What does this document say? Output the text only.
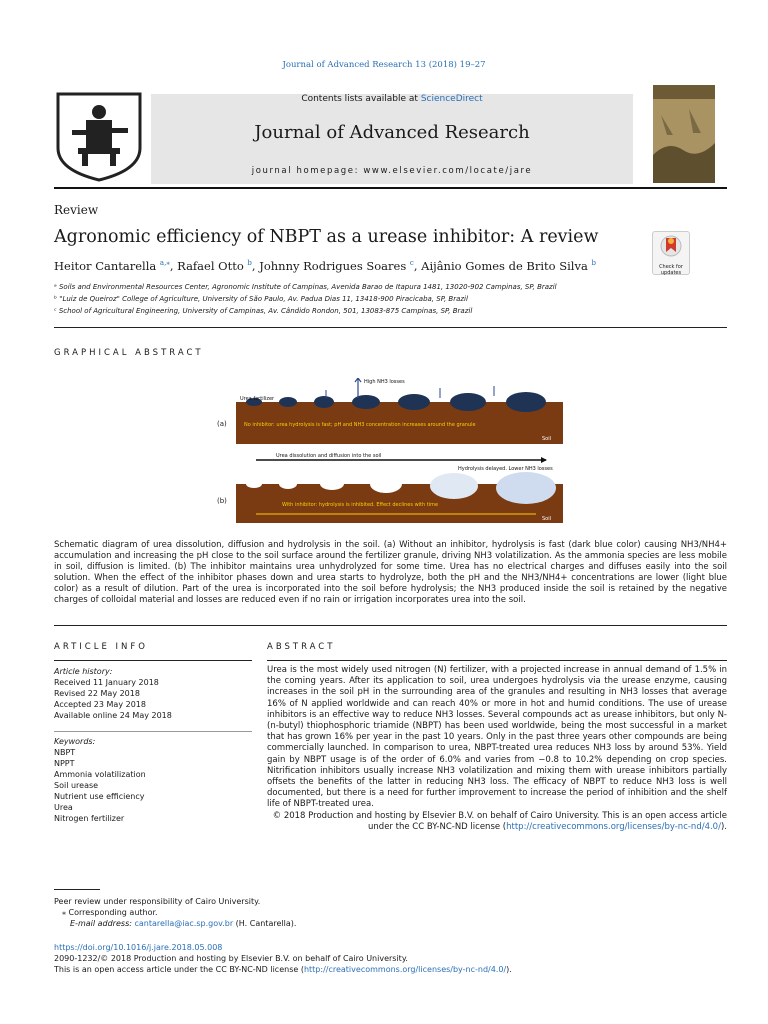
Journal of Advanced Research 13 (2018) 19–27
Contents lists available at ScienceDirect
Journal of Advanced Research
journal homepage: www.elsevier.com/locate/jare
Review
Agronomic efficiency of NBPT as a urease inhibitor: A review
Check for updates
Heitor Cantarella $^{a,⁎}$, Rafael Otto $^b$, Johnny Rodrigues Soares $^c$, Aijânio Gomes de Brito Silva $^b$
ᵃ Soils and Environmental Resources Center, Agronomic Institute of Campinas, Avenida Barao de Itapura 1481, 13020-902 Campinas, SP, Brazil
ᵇ "Luiz de Queiroz" College of Agriculture, University of São Paulo, Av. Padua Dias 11, 13418-900 Piracicaba, SP, Brazil
ᶜ School of Agricultural Engineering, University of Campinas, Av. Cândido Rondon, 501, 13083-875 Campinas, SP, Brazil
GRAPHICAL ABSTRACT
Urea fertilizer
High NH3 losses
No inhibitor: urea hydrolysis is fast; pH and NH3 concentration increases around the granule
Soil
Urea dissolution and diffusion into the soil
Hydrolysis delayed. Lower NH3 losses
With inhibitor: hydrolysis is inhibited. Effect declines with time
Soil
(a)
(b)
Schematic diagram of urea dissolution, diffusion and hydrolysis in the soil. (a) Without an inhibitor, hydrolysis is fast (dark blue color) causing NH3/NH4+ accumulation and increasing the pH close to the soil surface around the fertilizer granule, driving NH3 volatilization. As the ammonia species are less mobile in soil, diffusion is limited. (b) The inhibitor maintains urea unhydrolyzed for some time. Urea has no electrical charges and diffuses easily into the soil solution. When the effect of the inhibitor phases down and urea starts to hydrolyze, both the pH and the NH3/NH4+ concentrations are lower (light blue color) as a result of dilution. Part of the urea is incorporated into the soil before hydrolysis; the NH3 produced inside the soil is retained by the negative charges of colloidal material and losses are reduced even if no rain or irrigation incorporates urea into the soil.
ARTICLE INFO
Article history:
Received 11 January 2018
Revised 22 May 2018
Accepted 23 May 2018
Available online 24 May 2018
Keywords:
NBPT
NPPT
Ammonia volatilization
Soil urease
Nutrient use efficiency
Urea
Nitrogen fertilizer
ABSTRACT
Urea is the most widely used nitrogen (N) fertilizer, with a projected increase in annual demand of 1.5% in the coming years. After its application to soil, urea undergoes hydrolysis via the urease enzyme, causing increases in the soil pH in the surrounding area of the granules and resulting in NH3 losses that average 16% of N applied worldwide and can reach 40% or more in hot and humid conditions. The use of urease inhibitors is an effective way to reduce NH3 losses. Several compounds act as urease inhibitors, but only N-(n-butyl) thiophosphoric triamide (NBPT) has been used worldwide, being the most successful in a market that has grown 16% per year in the past 10 years. Only in the past three years other compounds are being commercially launched. In comparison to urea, NBPT-treated urea reduces NH3 loss by around 53%. Yield gain by NBPT usage is of the order of 6.0% and varies from −0.8 to 10.2% depending on crop species. Nitrification inhibitors usually increase NH3 volatilization and mixing them with urease inhibitors partially offsets the benefits of the latter in reducing NH3 loss. The efficacy of NBPT to reduce NH3 loss is well documented, but there is a need for further improvement to increase the period of inhibition and the shelf life of NBPT-treated urea.
© 2018 Production and hosting by Elsevier B.V. on behalf of Cairo University. This is an open access article under the CC BY-NC-ND license (http://creativecommons.org/licenses/by-nc-nd/4.0/).
Peer review under responsibility of Cairo University.
⁎ Corresponding author.
E-mail address: cantarella@iac.sp.gov.br (H. Cantarella).
https://doi.org/10.1016/j.jare.2018.05.008
2090-1232/© 2018 Production and hosting by Elsevier B.V. on behalf of Cairo University.
This is an open access article under the CC BY-NC-ND license (http://creativecommons.org/licenses/by-nc-nd/4.0/).
